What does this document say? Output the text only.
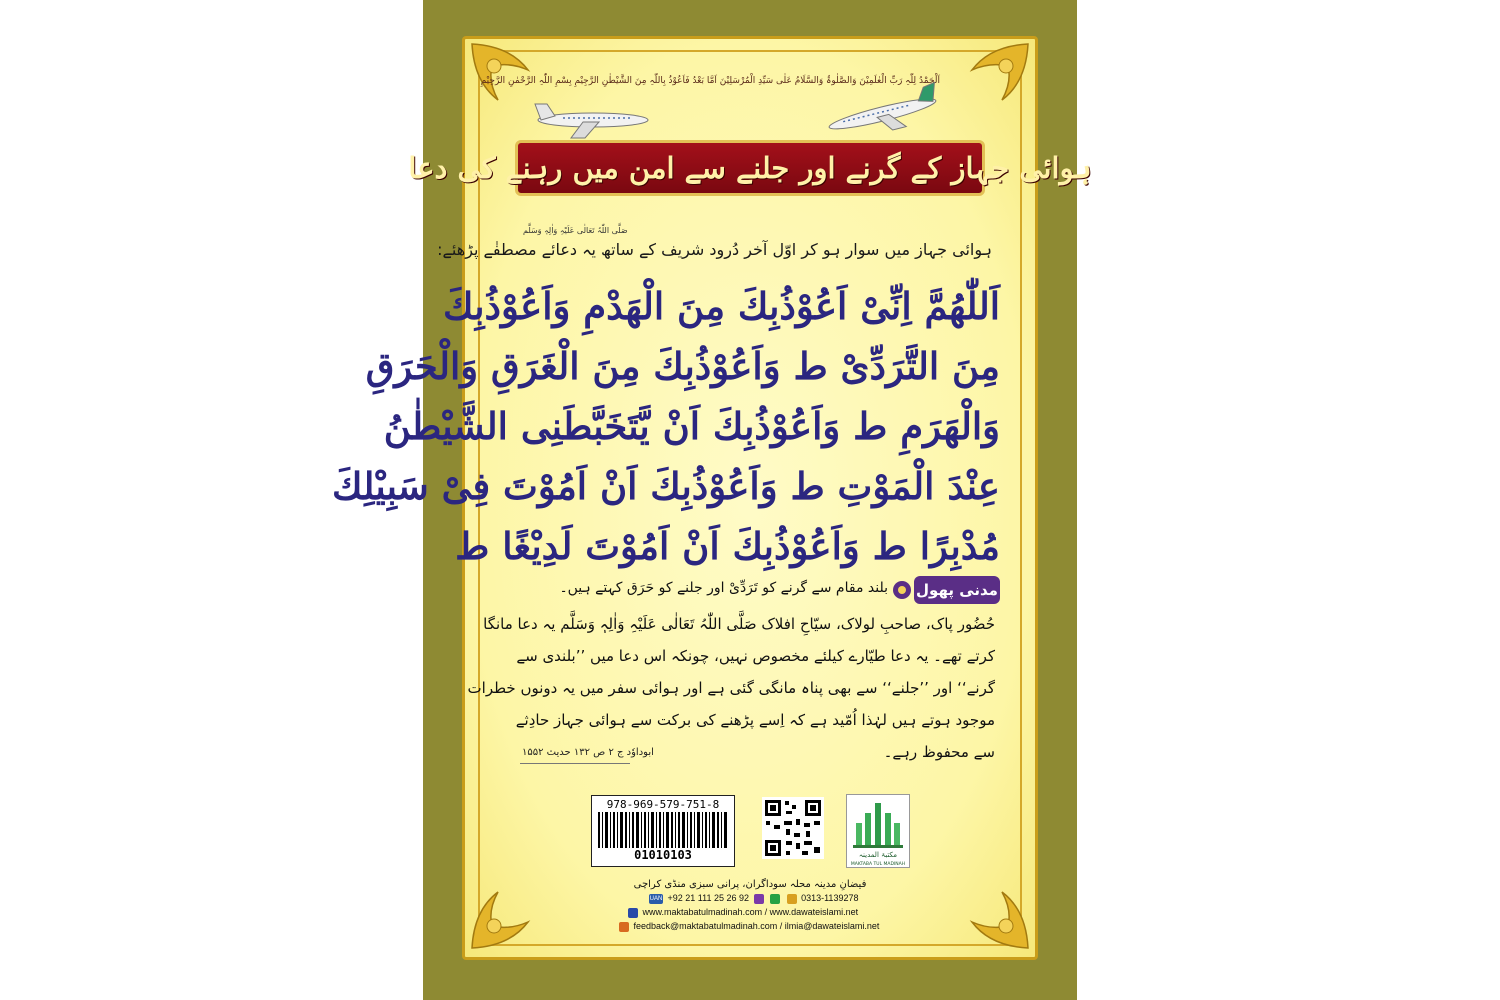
اَلْحَمْدُ لِلّٰہِ رَبِّ الْعٰلَمِیْنَ وَالصَّلٰوۃُ وَالسَّلَامُ عَلٰی سَیِّدِ الْمُرْسَلِیْنَ اَمَّا بَعْدُ فَاَعُوْذُ بِاللّٰہِ مِنَ الشَّیْطٰنِ الرَّجِیْمِ بِسْمِ اللّٰہِ الرَّحْمٰنِ الرَّحِیْمِ
ہوائی جہاز کے گرنے اور جلنے سے امن میں رہنے کی دعا
صَلَّی اللّٰہُ تَعَالٰی عَلَیْہِ وَاٰلِہٖ وَسَلَّم
ہوائی جہاز میں سوار ہو کر اوّل آخر دُرود شریف کے ساتھ یہ دعائے مصطفٰے پڑھئے:
اَللّٰھُمَّ اِنِّیْ اَعُوْذُبِكَ مِنَ الْھَدْمِ وَاَعُوْذُبِكَ
مِنَ التَّرَدِّیْ ط وَاَعُوْذُبِكَ مِنَ الْغَرَقِ وَالْحَرَقِ
وَالْھَرَمِ ط وَاَعُوْذُبِكَ اَنْ یَّتَخَبَّطَنِی الشَّیْطٰنُ
عِنْدَ الْمَوْتِ ط وَاَعُوْذُبِكَ اَنْ اَمُوْتَ فِیْ سَبِیْلِكَ
مُدْبِرًا ط وَاَعُوْذُبِكَ اَنْ اَمُوْتَ لَدِیْغًا ط
مدنی پھول
بلند مقام سے گرنے کو تَرَدِّیْ اور جلنے کو حَرَق کہتے ہیں۔
حُضُور پاک، صاحبِ لولاک، سیّاحِ افلاک صَلَّی اللّٰہُ تَعَالٰی عَلَیْہِ وَاٰلِہٖ وَسَلَّم یہ دعا مانگا
کرتے تھے۔ یہ دعا طیّارے کیلئے مخصوص نہیں، چونکہ اس دعا میں ’’بلندی سے
گرنے‘‘ اور ’’جلنے‘‘ سے بھی پناہ مانگی گئی ہے اور ہوائی سفر میں یہ دونوں خطرات
موجود ہوتے ہیں لہٰذا اُمّید ہے کہ اِسے پڑھنے کی برکت سے ہوائی جہاز حادِثے
سے محفوظ رہے۔
ابوداوٗد ج ۲ ص ۱۳۲ حدیث ۱۵۵۲
978-969-579-751-8
01010103	مکتبۃ المدینہ
MAKTABA TUL MADINAH
فیضانِ مدینہ محلہ سوداگران، پرانی سبزی منڈی کراچی
UAN +92 21 111 25 26 92	0313-1139278
www.maktabatulmadinah.com / www.dawateislami.net
feedback@maktabatulmadinah.com / ilmia@dawateislami.net
